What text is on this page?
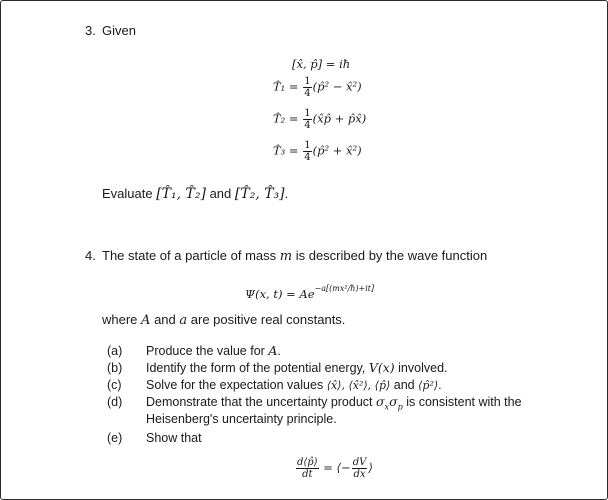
3. Given
[x̂, p̂] = iħ
T̂₁ = $\frac{1}{4}$ (p̂² − x̂²)
T̂₂ = $\frac{1}{4}$ (x̂p̂ + p̂x̂)
T̂₃ = $\frac{1}{4}$ (p̂² + x̂²)
Evaluate [T̂₁, T̂₂] and [T̂₂, T̂₃].
4. The state of a particle of mass m is described by the wave function
Ψ(x, $t) = Ae^{-a[(mx^2/ħ)+it]}$
where A and a are positive real constants.
(a) Produce the value for A.
(b) Identify the form of the potential energy, V(x) involved.
(c) Solve for the expectation values ⟨x̂⟩, ⟨x̂²⟩, ⟨p̂⟩ and ⟨p̂²⟩.
(d) Demonstrate that the uncertainty product $\sigma_x\sigma_p$ is consistent with the
Heisenberg's uncertainty principle.
(e) Show that
$\frac{d⟨p̂⟩}{dt}$ = ⟨− $\frac{dV}{dx}$ ⟩
